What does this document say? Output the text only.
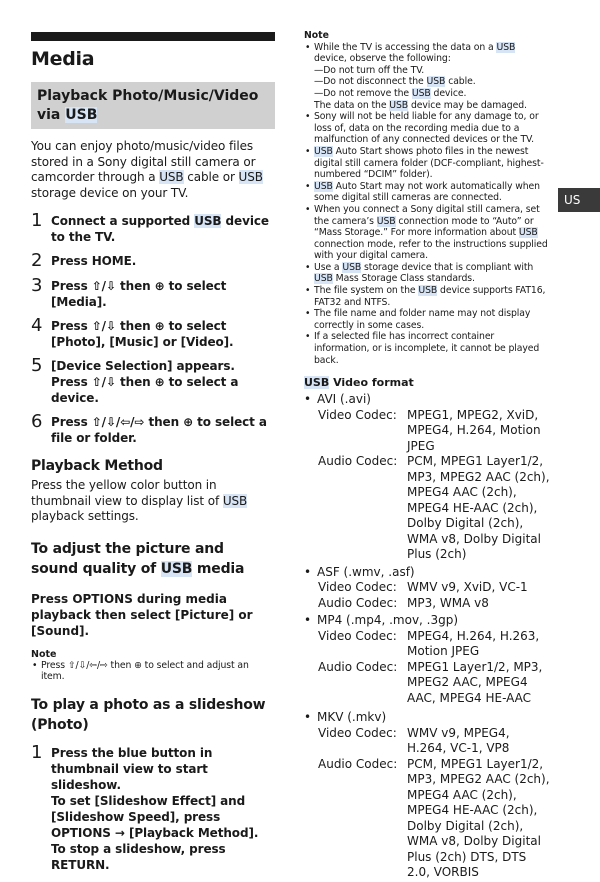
Media
Playback Photo/Music/Video via USB
You can enjoy photo/music/video files stored in a Sony digital still camera or camcorder through a USB cable or USB storage device on your TV.
1 Connect a supported USB device to the TV.
2 Press HOME.
3 Press ⇧/⇩ then ⊕ to select [Media].
4 Press ⇧/⇩ then ⊕ to select [Photo], [Music] or [Video].
5 [Device Selection] appears. Press ⇧/⇩ then ⊕ to select a device.
6 Press ⇧/⇩/⇦/⇨ then ⊕ to select a file or folder.
Playback Method
Press the yellow color button in thumbnail view to display list of USB playback settings.
To adjust the picture and sound quality of USB media
Press OPTIONS during media playback then select [Picture] or [Sound].
Note
• Press ⇧/⇩/⇦/⇨ then ⊕ to select and adjust an item.
To play a photo as a slideshow (Photo)
1 Press the blue button in thumbnail view to start slideshow.
To set [Slideshow Effect] and [Slideshow Speed], press OPTIONS → [Playback Method].
To stop a slideshow, press RETURN.
Note
• While the TV is accessing the data on a USB device, observe the following:
—Do not turn off the TV.
—Do not disconnect the USB cable.
—Do not remove the USB device.
The data on the USB device may be damaged.
• Sony will not be held liable for any damage to, or loss of, data on the recording media due to a malfunction of any connected devices or the TV.
• USB Auto Start shows photo files in the newest digital still camera folder (DCF-compliant, highest-numbered “DCIM” folder).
• USB Auto Start may not work automatically when some digital still cameras are connected.
• When you connect a Sony digital still camera, set the camera’s USB connection mode to “Auto” or “Mass Storage.” For more information about USB connection mode, refer to the instructions supplied with your digital camera.
• Use a USB storage device that is compliant with USB Mass Storage Class standards.
• The file system on the USB device supports FAT16, FAT32 and NTFS.
• The file name and folder name may not display correctly in some cases.
• If a selected file has incorrect container information, or is incomplete, it cannot be played back.
USB Video format
• AVI (.avi)
Video Codec: MPEG1, MPEG2, XviD, MPEG4, H.264, Motion JPEG
Audio Codec: PCM, MPEG1 Layer1/2, MP3, MPEG2 AAC (2ch), MPEG4 AAC (2ch), MPEG4 HE-AAC (2ch), Dolby Digital (2ch), WMA v8, Dolby Digital Plus (2ch)
• ASF (.wmv, .asf)
Video Codec: WMV v9, XviD, VC-1
Audio Codec: MP3, WMA v8
• MP4 (.mp4, .mov, .3gp)
Video Codec: MPEG4, H.264, H.263, Motion JPEG
Audio Codec: MPEG1 Layer1/2, MP3, MPEG2 AAC, MPEG4 AAC, MPEG4 HE-AAC
• MKV (.mkv)
Video Codec: WMV v9, MPEG4, H.264, VC-1, VP8
Audio Codec: PCM, MPEG1 Layer1/2, MP3, MPEG2 AAC (2ch), MPEG4 AAC (2ch), MPEG4 HE-AAC (2ch), Dolby Digital (2ch), WMA v8, Dolby Digital Plus (2ch) DTS, DTS 2.0, VORBIS
US
